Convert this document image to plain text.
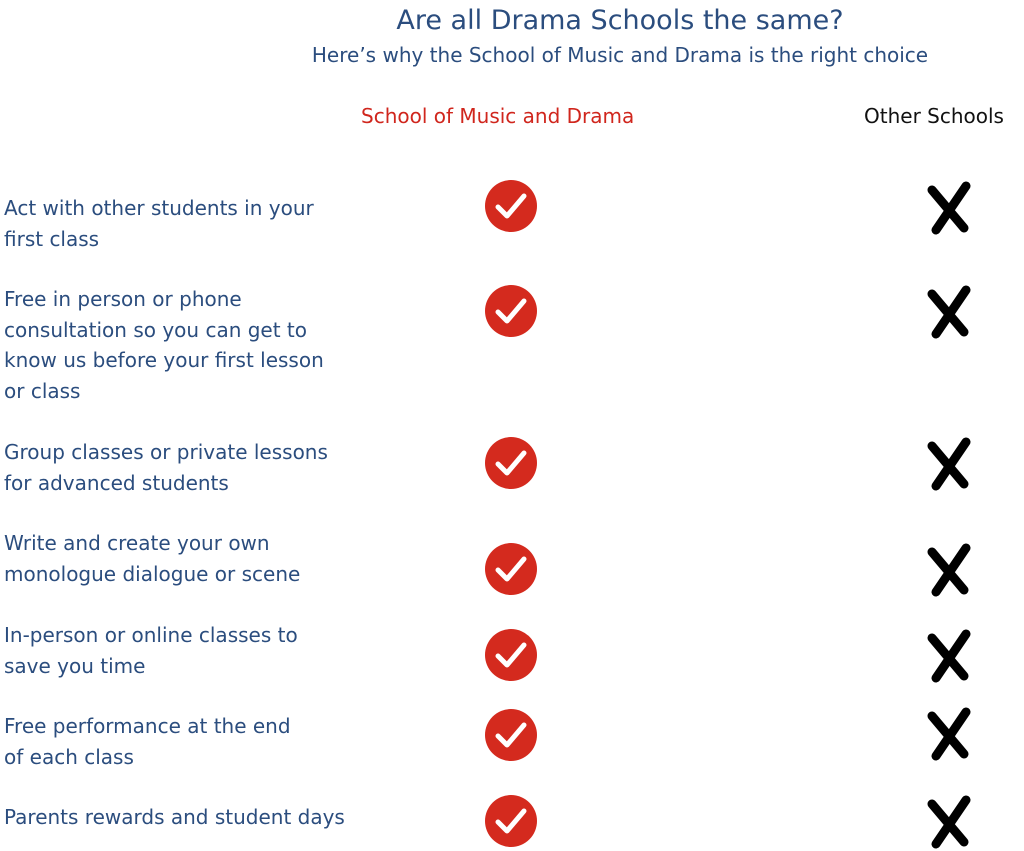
Are all Drama Schools the same?
Here’s why the School of Music and Drama is the right choice
School of Music and Drama	Other Schools
Act with other students in your first class
Free in person or phone consultation so you can get to know us before your first lesson or class
Group classes or private lessons for advanced students
Write and create your own monologue dialogue or scene
In-person or online classes to save you time
Free performance at the end of each class
Parents rewards and student days
